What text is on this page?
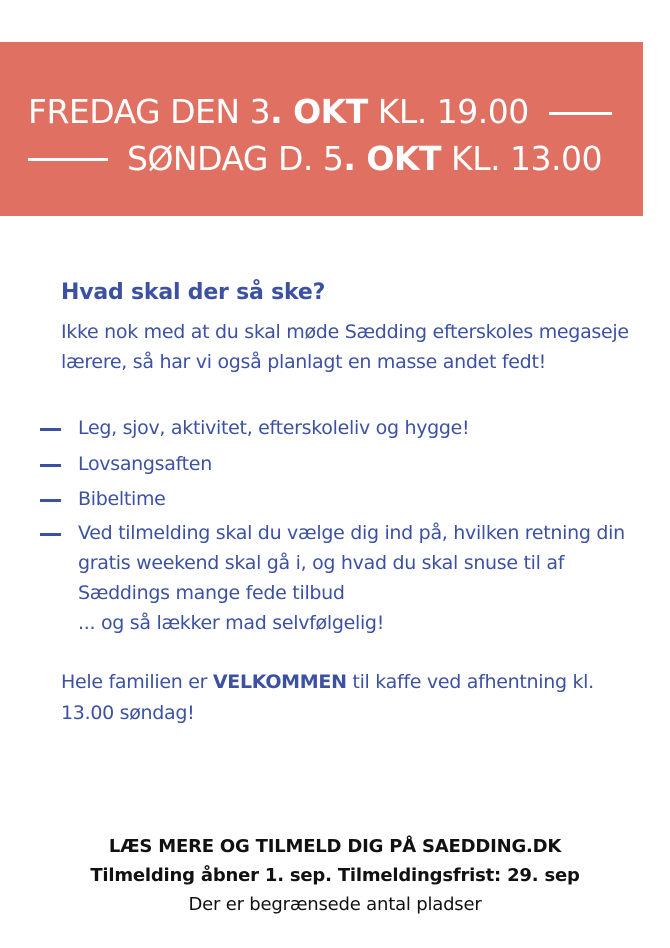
FREDAG DEN 3. OKT KL. 19.00
SØNDAG D. 5. OKT KL. 13.00
Hvad skal der så ske?
Ikke nok med at du skal møde Sædding efterskoles megaseje lærere, så har vi også planlagt en masse andet fedt!
Leg, sjov, aktivitet, efterskoleliv og hygge!
Lovsangsaften
Bibeltime
Ved tilmelding skal du vælge dig ind på, hvilken retning din gratis weekend skal gå i, og hvad du skal snuse til af Sæddings mange fede tilbud
... og så lækker mad selvfølgelig!
Hele familien er VELKOMMEN til kaffe ved afhentning kl. 13.00 søndag!
LÆS MERE OG TILMELD DIG PÅ SAEDDING.DK
Tilmelding åbner 1. sep. Tilmeldingsfrist: 29. sep
Der er begrænsede antal pladser
